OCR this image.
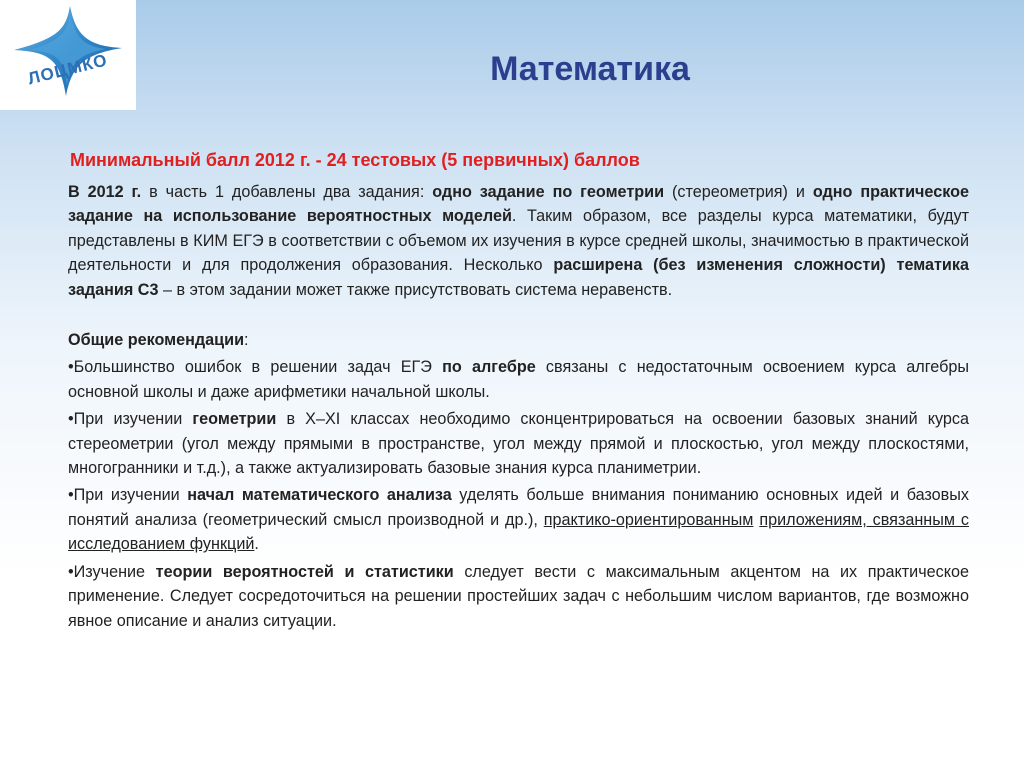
ЛОЦМКО	Математика
Минимальный балл 2012 г. - 24 тестовых (5 первичных) баллов

В 2012 г. в часть 1 добавлены два задания: одно задание по геометрии (стереометрия) и одно практическое задание на использование вероятностных моделей. Таким образом, все разделы курса математики, будут представлены в КИМ ЕГЭ в соответствии с объемом их изучения в курсе средней школы, значимостью в практической деятельности и для продолжения образования. Несколько расширена (без изменения сложности) тематика задания С3 – в этом задании может также присутствовать система неравенств.

Общие рекомендации:

•Большинство ошибок в решении задач ЕГЭ по алгебре связаны с недостаточным освоением курса алгебры основной школы и даже арифметики начальной школы.

•При изучении геометрии в X–XI классах необходимо сконцентрироваться на освоении базовых знаний курса стереометрии (угол между прямыми в пространстве, угол между прямой и плоскостью, угол между плоскостями, многогранники и т.д.), а также актуализировать базовые знания курса планиметрии.

•При изучении начал математического анализа уделять больше внимания пониманию основных идей и базовых понятий анализа (геометрический смысл производной и др.), практико-ориентированным приложениям, связанным с исследованием функций.

•Изучение теории вероятностей и статистики следует вести с максимальным акцентом на их практическое применение. Следует сосредоточиться на решении простейших задач с небольшим числом вариантов, где возможно явное описание и анализ ситуации.
